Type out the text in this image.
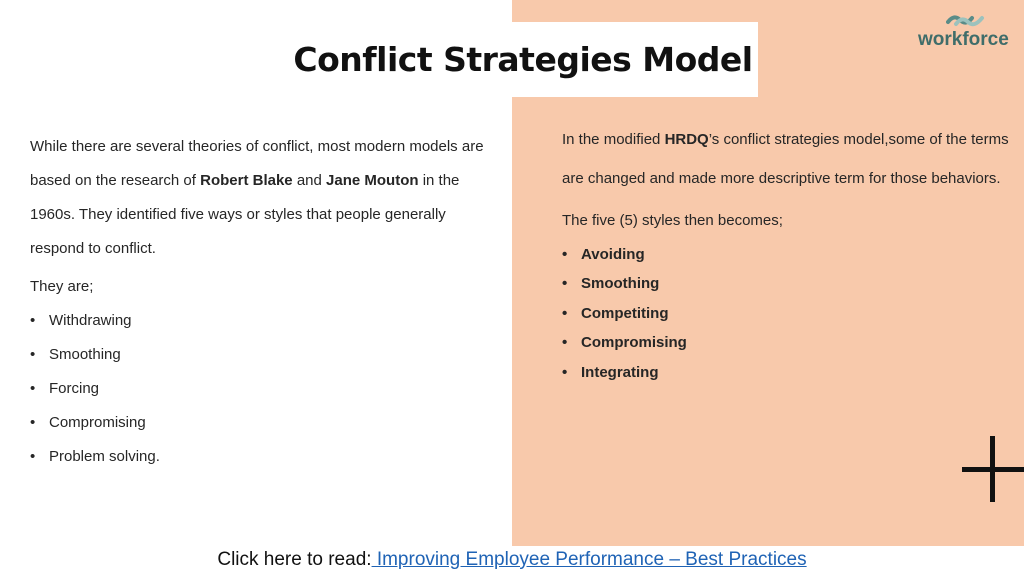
workforce
Conflict Strategies Model

While there are several theories of conflict, most modern models are based on the research of Robert Blake and Jane Mouton in the 1960s. They identified five ways or styles that people generally respond to conflict.

They are;

• Withdrawing
• Smoothing
• Forcing
• Compromising
• Problem solving.

In the modified HRDQ’s conflict strategies model,some of the terms are changed and made more descriptive term for those behaviors.

The five (5) styles then becomes;

• Avoiding
• Smoothing
• Competiting
• Compromising
• Integrating
Click here to read: Improving Employee Performance – Best Practices
